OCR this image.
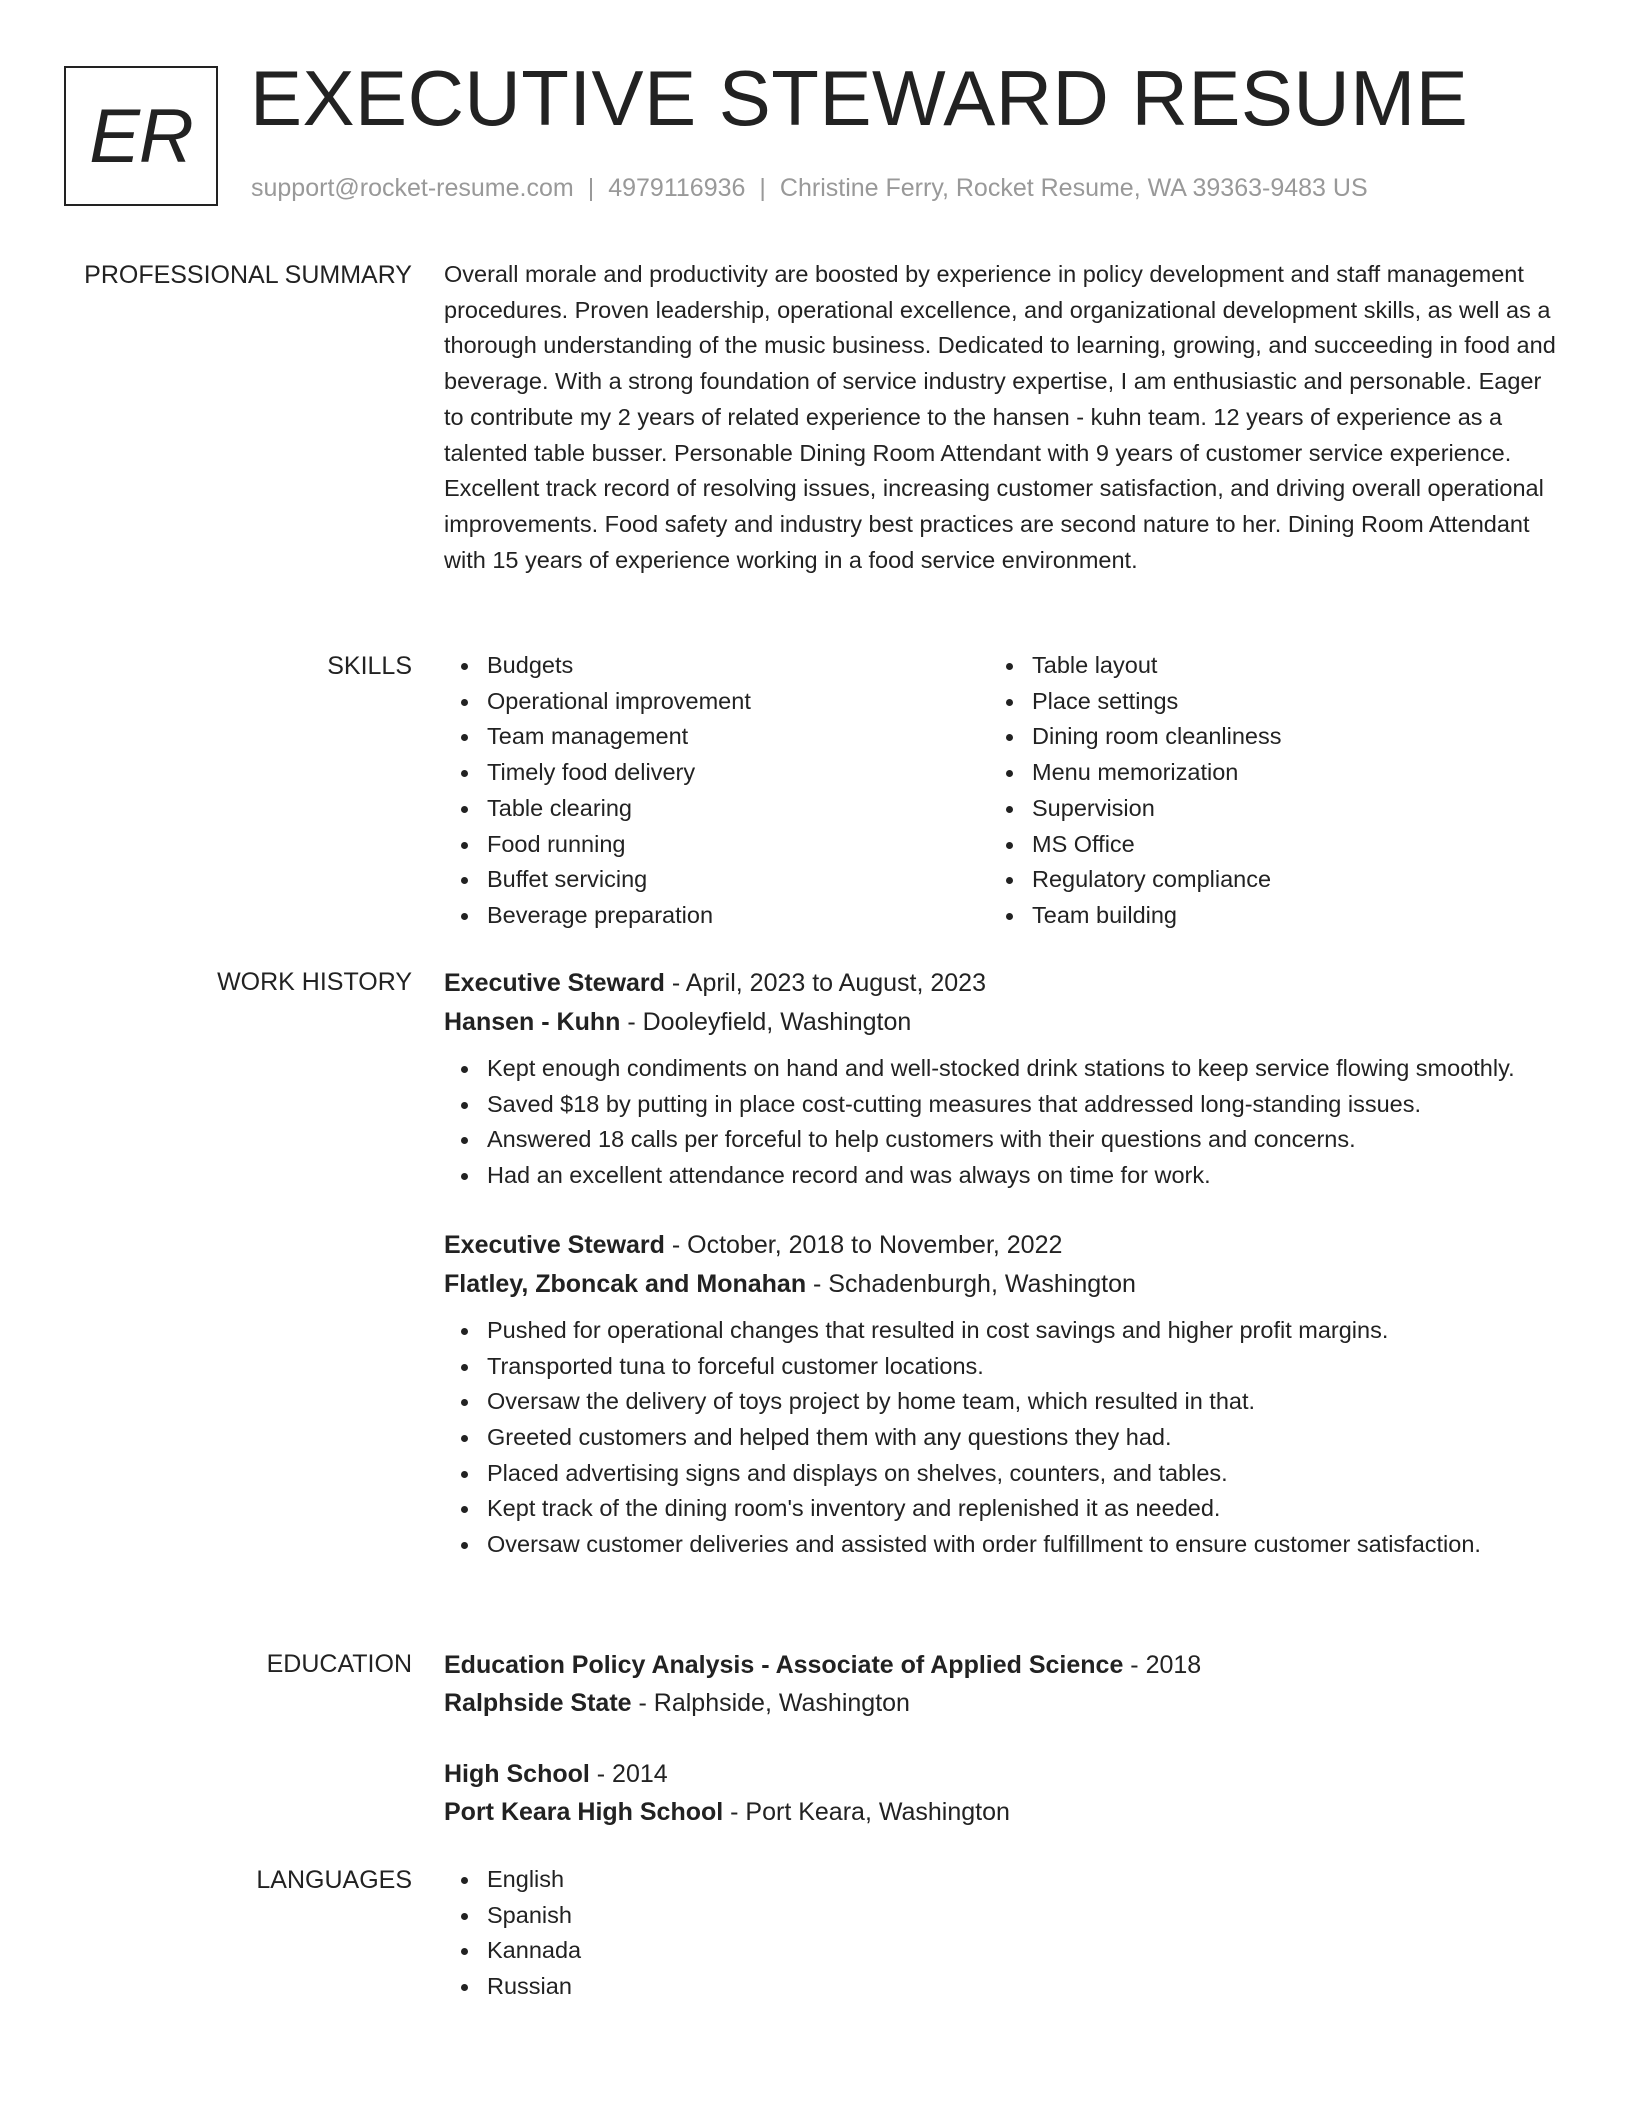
ER EXECUTIVE STEWARD RESUME
support@rocket-resume.com | 4979116936 | Christine Ferry, Rocket Resume, WA 39363-9483 US
PROFESSIONAL SUMMARY Overall morale and productivity are boosted by experience in policy development and staff management procedures. Proven leadership, operational excellence, and organizational development skills, as well as a thorough understanding of the music business. Dedicated to learning, growing, and succeeding in food and beverage. With a strong foundation of service industry expertise, I am enthusiastic and personable. Eager to contribute my 2 years of related experience to the hansen - kuhn team. 12 years of experience as a talented table busser. Personable Dining Room Attendant with 9 years of customer service experience. Excellent track record of resolving issues, increasing customer satisfaction, and driving overall operational improvements. Food safety and industry best practices are second nature to her. Dining Room Attendant with 15 years of experience working in a food service environment.

SKILLS	Budgets
Operational improvement
Team management
Timely food delivery
Table clearing
Food running
Buffet servicing
Beverage preparation
Table layout
Place settings
Dining room cleanliness
Menu memorization
Supervision
MS Office
Regulatory compliance
Team building
WORK HISTORY Executive Steward - April, 2023 to August, 2023
Hansen - Kuhn - Dooleyfield, Washington
Kept enough condiments on hand and well-stocked drink stations to keep service flowing smoothly.
Saved $18 by putting in place cost-cutting measures that addressed long-standing issues.
Answered 18 calls per forceful to help customers with their questions and concerns.
Had an excellent attendance record and was always on time for work.
Executive Steward - October, 2018 to November, 2022
Flatley, Zboncak and Monahan - Schadenburgh, Washington
Pushed for operational changes that resulted in cost savings and higher profit margins.
Transported tuna to forceful customer locations.
Oversaw the delivery of toys project by home team, which resulted in that.
Greeted customers and helped them with any questions they had.
Placed advertising signs and displays on shelves, counters, and tables.
Kept track of the dining room's inventory and replenished it as needed.
Oversaw customer deliveries and assisted with order fulfillment to ensure customer satisfaction.
EDUCATION Education Policy Analysis - Associate of Applied Science - 2018
Ralphside State - Ralphside, Washington
High School - 2014
Port Keara High School - Port Keara, Washington
LANGUAGES	English
Spanish
Kannada
Russian
